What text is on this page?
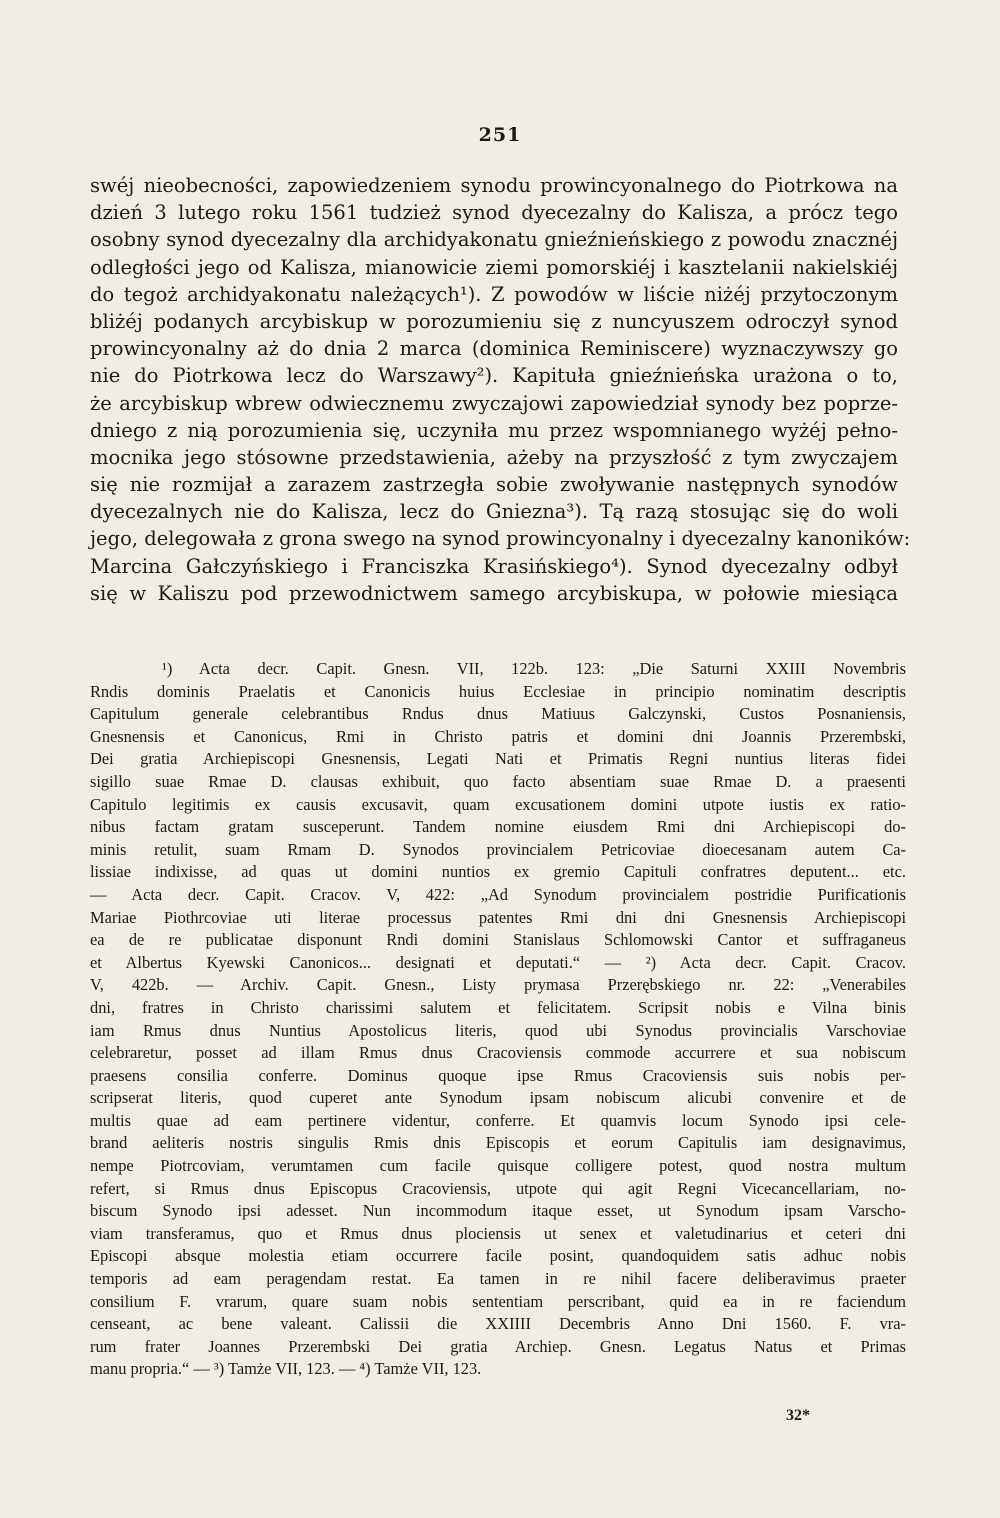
251
swéj nieobecności, zapowiedzeniem synodu prowincyonalnego do Piotrkowa na
dzień 3 lutego roku 1561 tudzież synod dyecezalny do Kalisza, a prócz tego
osobny synod dyecezalny dla archidyakonatu gnieźnieńskiego z powodu znacznéj
odległości jego od Kalisza, mianowicie ziemi pomorskiéj i kasztelanii nakielskiéj
do tegoż archidyakonatu należących¹). Z powodów w liście niżéj przytoczonym
bliżéj podanych arcybiskup w porozumieniu się z nuncyuszem odroczył synod
prowincyonalny aż do dnia 2 marca (dominica Reminiscere) wyznaczywszy go
nie do Piotrkowa lecz do Warszawy²). Kapituła gnieźnieńska urażona o to,
że arcybiskup wbrew odwiecznemu zwyczajowi zapowiedział synody bez poprze-
dniego z nią porozumienia się, uczyniła mu przez wspomnianego wyżéj pełno-
mocnika jego stósowne przedstawienia, ażeby na przyszłość z tym zwyczajem
się nie rozmijał a zarazem zastrzegła sobie zwoływanie następnych synodów
dyecezalnych nie do Kalisza, lecz do Gniezna³). Tą razą stosując się do woli
jego, delegowała z grona swego na synod prowincyonalny i dyecezalny kanoników:
Marcina Gałczyńskiego i Franciszka Krasińskiego⁴). Synod dyecezalny odbył
się w Kaliszu pod przewodnictwem samego arcybiskupa, w połowie miesiąca
¹) Acta decr. Capit. Gnesn. VII, 122b. 123: „Die Saturni XXIII Novembris
Rndis dominis Praelatis et Canonicis huius Ecclesiae in principio nominatim descriptis
Capitulum generale celebrantibus Rndus dnus Matiuus Galczynski, Custos Posnaniensis,
Gnesnensis et Canonicus, Rmi in Christo patris et domini dni Joannis Przerembski,
Dei gratia Archiepiscopi Gnesnensis, Legati Nati et Primatis Regni nuntius literas fidei
sigillo suae Rmae D. clausas exhibuit, quo facto absentiam suae Rmae D. a praesenti
Capitulo legitimis ex causis excusavit, quam excusationem domini utpote iustis ex ratio-
nibus factam gratam susceperunt. Tandem nomine eiusdem Rmi dni Archiepiscopi do-
minis retulit, suam Rmam D. Synodos provincialem Petricoviae dioecesanam autem Ca-
lissiae indixisse, ad quas ut domini nuntios ex gremio Capituli confratres deputent... etc.
— Acta decr. Capit. Cracov. V, 422: „Ad Synodum provincialem postridie Purificationis
Mariae Piothrcoviae uti literae processus patentes Rmi dni dni Gnesnensis Archiepiscopi
ea de re publicatae disponunt Rndi domini Stanislaus Schlomowski Cantor et suffraganeus
et Albertus Kyewski Canonicos... designati et deputati.“ — ²) Acta decr. Capit. Cracov.
V, 422b. — Archiv. Capit. Gnesn., Listy prymasa Przerębskiego nr. 22: „Venerabiles
dni, fratres in Christo charissimi salutem et felicitatem. Scripsit nobis e Vilna binis
iam Rmus dnus Nuntius Apostolicus literis, quod ubi Synodus provincialis Varschoviae
celebraretur, posset ad illam Rmus dnus Cracoviensis commode accurrere et sua nobiscum
praesens consilia conferre. Dominus quoque ipse Rmus Cracoviensis suis nobis per-
scripserat literis, quod cuperet ante Synodum ipsam nobiscum alicubi convenire et de
multis quae ad eam pertinere videntur, conferre. Et quamvis locum Synodo ipsi cele-
brand aeliteris nostris singulis Rmis dnis Episcopis et eorum Capitulis iam designavimus,
nempe Piotrcoviam, verumtamen cum facile quisque colligere potest, quod nostra multum
refert, si Rmus dnus Episcopus Cracoviensis, utpote qui agit Regni Vicecancellariam, no-
biscum Synodo ipsi adesset. Nun incommodum itaque esset, ut Synodum ipsam Varscho-
viam transferamus, quo et Rmus dnus plociensis ut senex et valetudinarius et ceteri dni
Episcopi absque molestia etiam occurrere facile posint, quandoquidem satis adhuc nobis
temporis ad eam peragendam restat. Ea tamen in re nihil facere deliberavimus praeter
consilium F. vrarum, quare suam nobis sententiam perscribant, quid ea in re faciendum
censeant, ac bene valeant. Calissii die XXIIII Decembris Anno Dni 1560. F. vra-
rum frater Joannes Przerembski Dei gratia Archiep. Gnesn. Legatus Natus et Primas
manu propria.“ — ³) Tamże VII, 123. — ⁴) Tamże VII, 123.
32*
